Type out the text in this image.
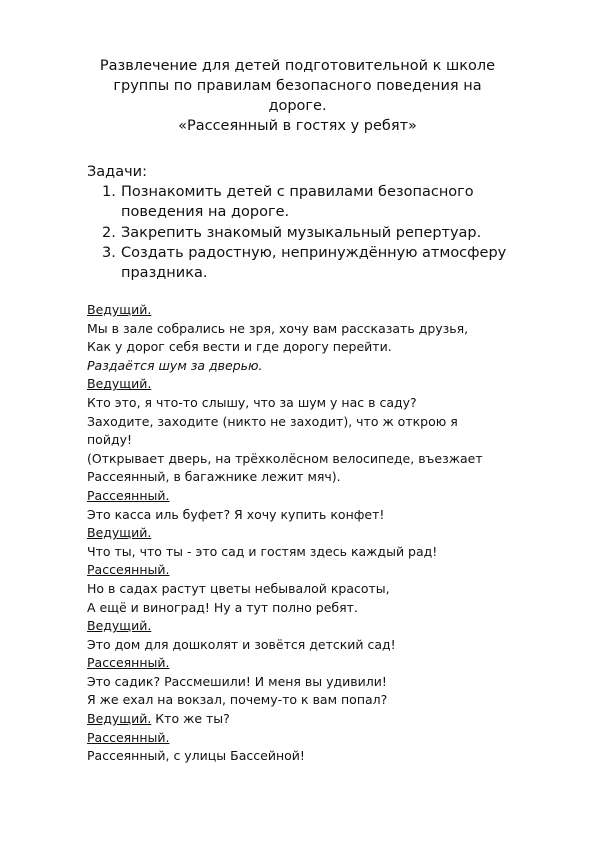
Развлечение для детей подготовительной к школе
группы по правилам безопасного поведения на
дороге.
«Рассеянный в гостях у ребят»
Задачи:
1. Познакомить детей с правилами безопасного
поведения на дороге.
2. Закрепить знакомый музыкальный репертуар.
3. Создать радостную, непринуждённую атмосферу
праздника.
Ведущий.
Мы в зале собрались не зря, хочу вам рассказать друзья,
Как у дорог себя вести и где дорогу перейти.
Раздаётся шум за дверью.
Ведущий.
Кто это, я что-то слышу, что за шум у нас в саду?
Заходите, заходите (никто не заходит), что ж открою я
пойду!
(Открывает дверь, на трёхколёсном велосипеде, въезжает
Рассеянный, в багажнике лежит мяч).
Рассеянный.
Это касса иль буфет? Я хочу купить конфет!
Ведущий.
Что ты, что ты - это сад и гостям здесь каждый рад!
Рассеянный.
Но в садах растут цветы небывалой красоты,
А ещё и виноград! Ну а тут полно ребят.
Ведущий.
Это дом для дошколят и зовётся детский сад!
Рассеянный.
Это садик? Рассмешили! И меня вы удивили!
Я же ехал на вокзал, почему-то к вам попал?
Ведущий. Кто же ты?
Рассеянный.
Рассеянный, с улицы Бассейной!
